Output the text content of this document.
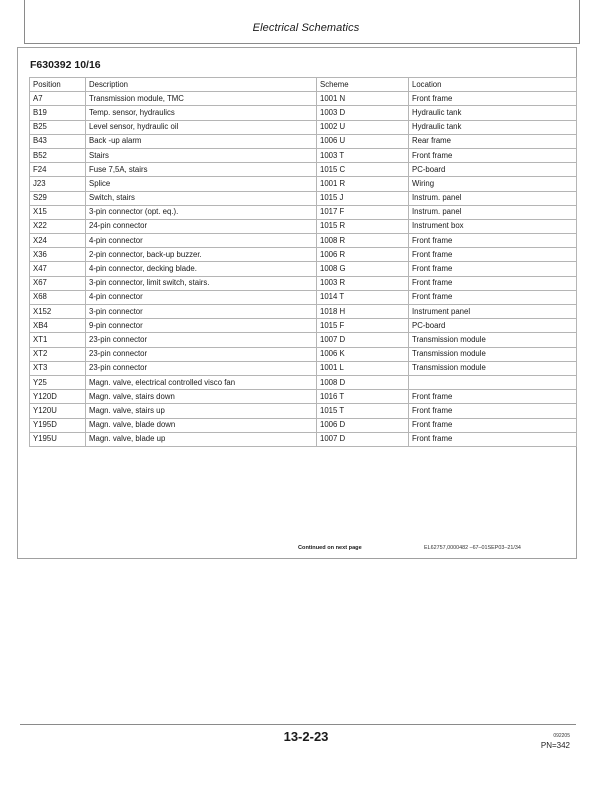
Electrical Schematics
F630392 10/16
Position	Description	Scheme	Location
A7	Transmission module, TMC	1001 N	Front frame
B19	Temp. sensor, hydraulics	1003 D	Hydraulic tank
B25	Level sensor, hydraulic oil	1002 U	Hydraulic tank
B43	Back -up alarm	1006 U	Rear frame
B52	Stairs	1003 T	Front frame
F24	Fuse 7,5A, stairs	1015 C	PC-board
J23	Splice	1001 R	Wiring
S29	Switch, stairs	1015 J	Instrum. panel
X15	3-pin connector (opt. eq.).	1017 F	Instrum. panel
X22	24-pin connector	1015 R	Instrument box
X24	4-pin connector	1008 R	Front frame
X36	2-pin connector, back-up buzzer.	1006 R	Front frame
X47	4-pin connector, decking blade.	1008 G	Front frame
X67	3-pin connector, limit switch, stairs.	1003 R	Front frame
X68	4-pin connector	1014 T	Front frame
X152	3-pin connector	1018 H	Instrument panel
XB4	9-pin connector	1015 F	PC-board
XT1	23-pin connector	1007 D	Transmission module
XT2	23-pin connector	1006 K	Transmission module
XT3	23-pin connector	1001 L	Transmission module
Y25	Magn. valve, electrical controlled visco fan	1008 D	
Y120D	Magn. valve, stairs down	1016 T	Front frame
Y120U	Magn. valve, stairs up	1015 T	Front frame
Y195D	Magn. valve, blade down	1006 D	Front frame
Y195U	Magn. valve, blade up	1007 D	Front frame
Continued on next page	EL62757,0000482 –67–01SEP03–21/34
13-2-23	092205
PN=342
